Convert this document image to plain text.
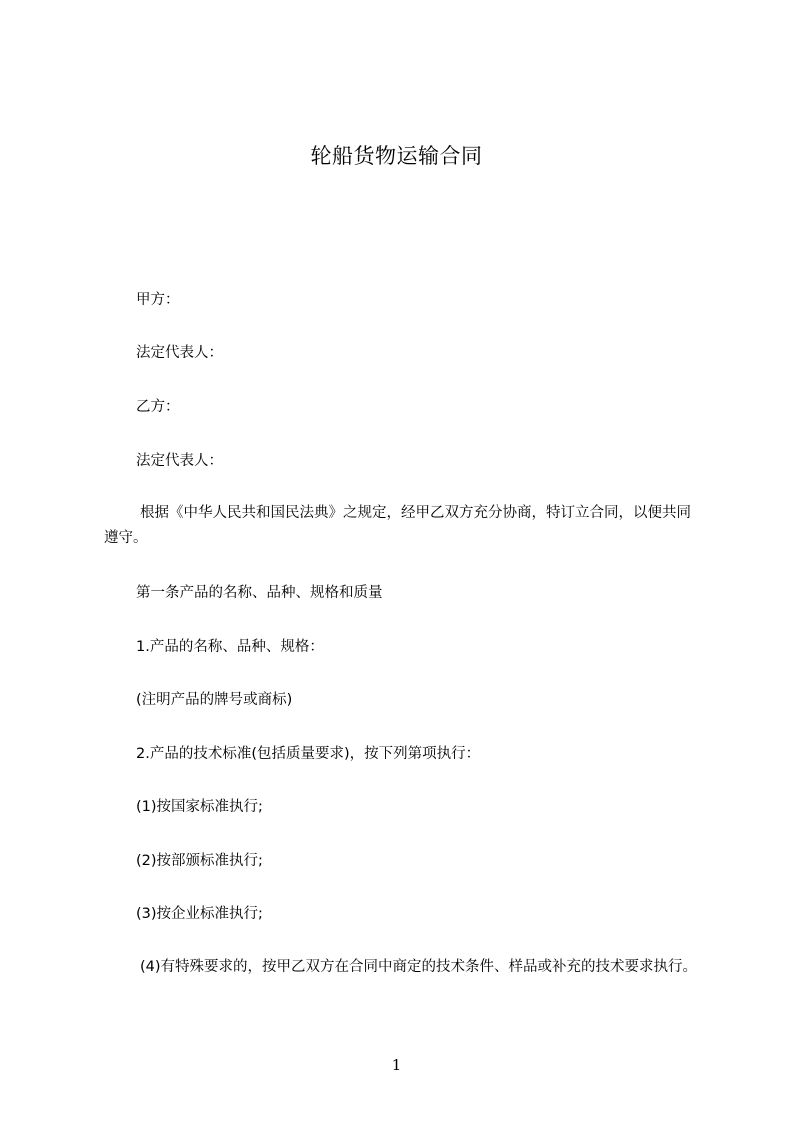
轮船货物运输合同

甲方：

法定代表人：

乙方：

法定代表人：

根据《中华人民共和国民法典》之规定，经甲乙双方充分协商，特订立合同，以便共同遵守。

第一条产品的名称、品种、规格和质量

1.产品的名称、品种、规格：

(注明产品的牌号或商标)

2.产品的技术标准(包括质量要求)，按下列第项执行：

(1)按国家标准执行;

(2)按部颁标准执行;

(3)按企业标准执行;

(4)有特殊要求的，按甲乙双方在合同中商定的技术条件、样品或补充的技术要求执行。

1
